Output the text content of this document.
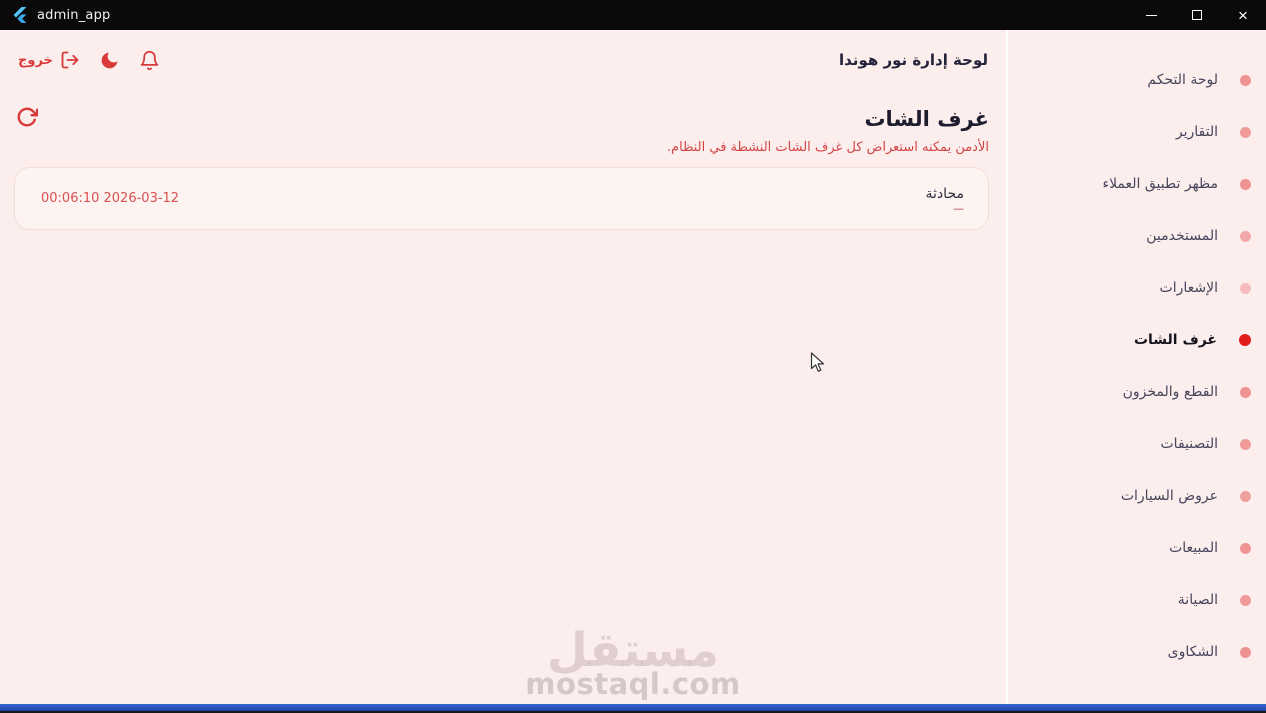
admin_app	×
لوحة التحكم
التقارير
مظهر تطبيق العملاء
المستخدمين
الإشعارات
غرف الشات
القطع والمخزون
التصنيفات
عروض السيارات
المبيعات
الصيانة
الشكاوى
لوحة إدارة نور هوندا
خروج
غرف الشات

الأدمن يمكنه استعراض كل غرف الشات النشطة في النظام.

محادثة
—
00:06:10 2026-03-12
مستقل
mostaql.com
